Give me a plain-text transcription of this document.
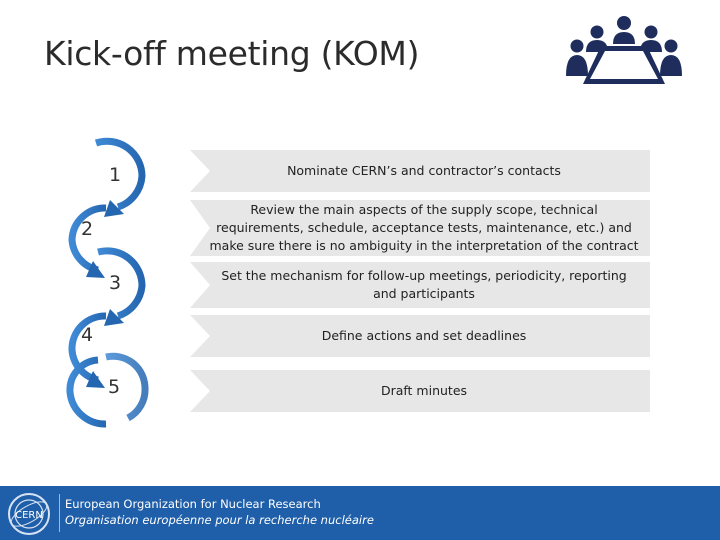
Kick-off meeting (KOM)
1
2
3
4
5
Nominate CERN’s and contractor’s contacts
Review the main aspects of the supply scope, technical requirements, schedule, acceptance tests, maintenance, etc.) and make sure there is no ambiguity in the interpretation of the contract
Set the mechanism for follow-up meetings, periodicity, reporting and participants
Define actions and set deadlines
Draft minutes
CERN
European Organization for Nuclear Research
Organisation européenne pour la recherche nucléaire
